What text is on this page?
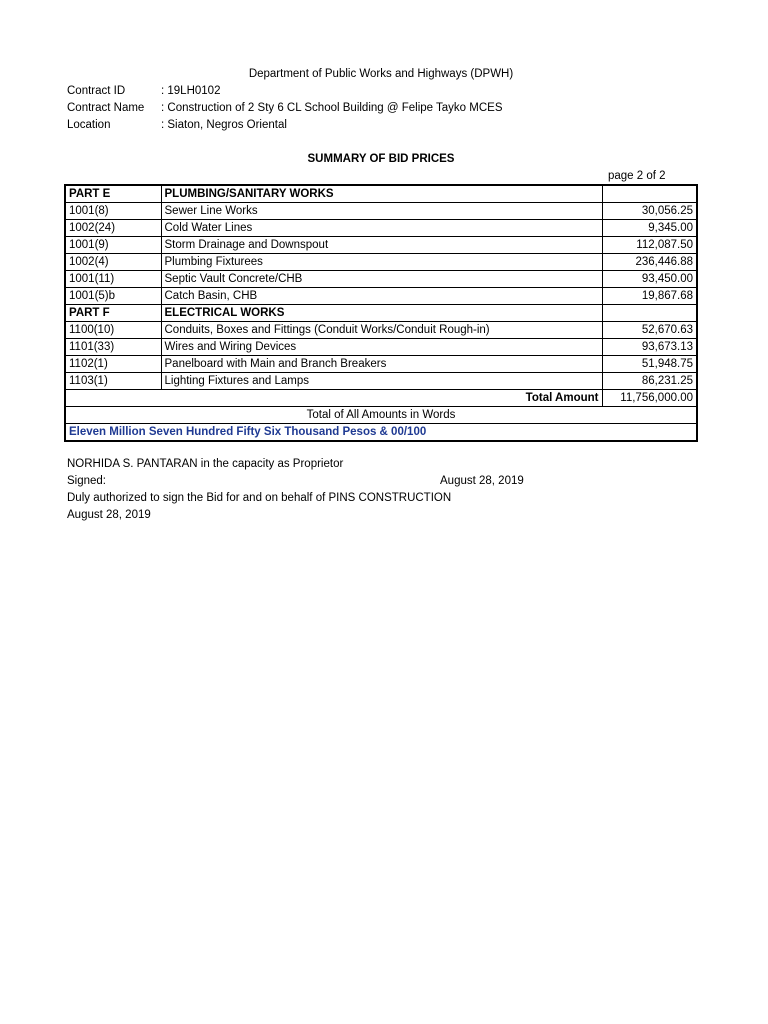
Department of Public Works and Highways (DPWH)
Contract ID	: 19LH0102
Contract Name : Construction of 2 Sty 6 CL School Building @ Felipe Tayko MCES
Location	: Siaton, Negros Oriental
SUMMARY OF BID PRICES
page 2 of 2
PART E	PLUMBING/SANITARY WORKS	
1001(8)	Sewer Line Works	30,056.25
1002(24)	Cold Water Lines	9,345.00
1001(9)	Storm Drainage and Downspout	112,087.50
1002(4)	Plumbing Fixturees	236,446.88
1001(11)	Septic Vault Concrete/CHB	93,450.00
1001(5)b	Catch Basin, CHB	19,867.68
PART F	ELECTRICAL WORKS	
1100(10)	Conduits, Boxes and Fittings (Conduit Works/Conduit Rough-in)	52,670.63
1101(33)	Wires and Wiring Devices	93,673.13
1102(1)	Panelboard with Main and Branch Breakers	51,948.75
1103(1)	Lighting Fixtures and Lamps	86,231.25
Total Amount		11,756,000.00
Total of All Amounts in Words		
Eleven Million Seven Hundred Fifty Six Thousand Pesos & 00/100		
NORHIDA S. PANTARAN in the capacity as Proprietor
Signed:	August 28, 2019
Duly authorized to sign the Bid for and on behalf of PINS CONSTRUCTION
August 28, 2019
